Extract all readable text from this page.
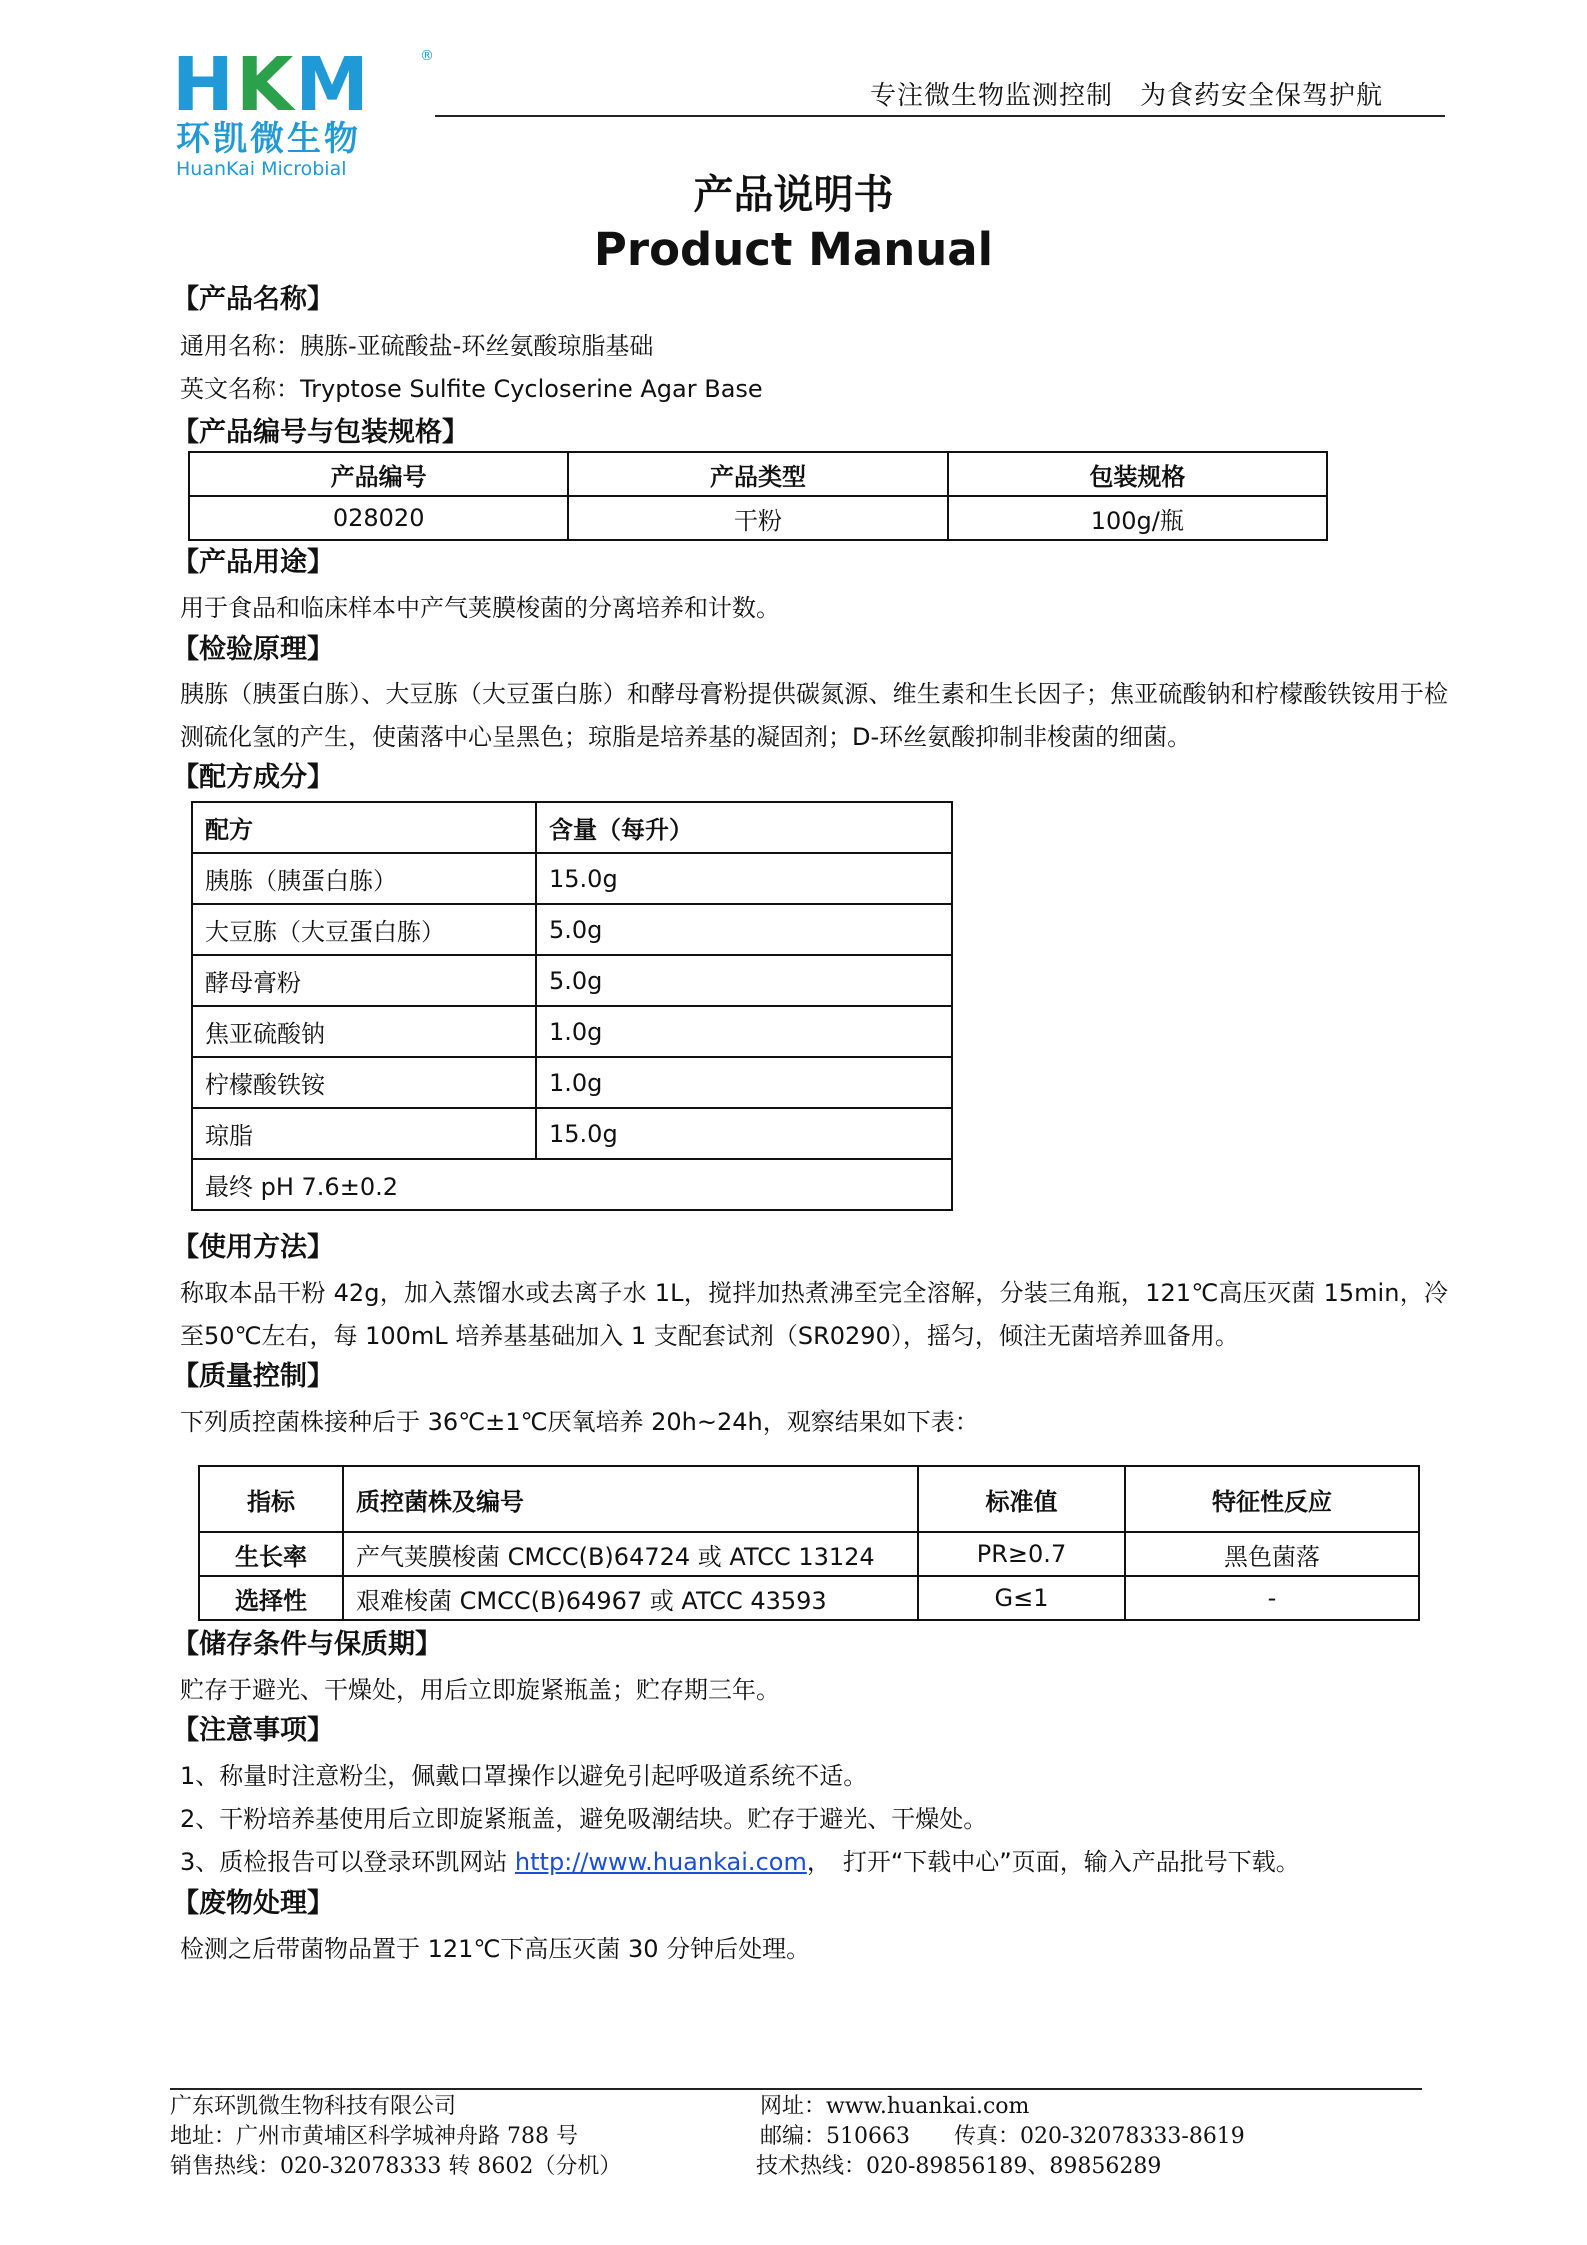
HKM	®
环凯微生物
HuanKai Microbial
专注微生物监测控制　为食药安全保驾护航
产品说明书
Product Manual
【产品名称】
通用名称：胰胨-亚硫酸盐-环丝氨酸琼脂基础
英文名称：Tryptose Sulfite Cycloserine Agar Base
【产品编号与包装规格】
产品编号	产品类型	包装规格
028020	干粉	100g/瓶
【产品用途】
用于食品和临床样本中产气荚膜梭菌的分离培养和计数。
【检验原理】
胰胨（胰蛋白胨）、大豆胨（大豆蛋白胨）和酵母膏粉提供碳氮源、维生素和生长因子；焦亚硫酸钠和柠檬酸铁铵用于检测硫化氢的产生，使菌落中心呈黑色；琼脂是培养基的凝固剂；D-环丝氨酸抑制非梭菌的细菌。
【配方成分】
配方	含量（每升）
胰胨（胰蛋白胨）	15.0g
大豆胨（大豆蛋白胨）	5.0g
酵母膏粉	5.0g
焦亚硫酸钠	1.0g
柠檬酸铁铵	1.0g
琼脂	15.0g
最终 pH 7.6±0.2	
【使用方法】
称取本品干粉 42g，加入蒸馏水或去离子水 1L，搅拌加热煮沸至完全溶解，分装三角瓶，121℃高压灭菌 15min，冷至50℃左右，每 100mL 培养基基础加入 1 支配套试剂（SR0290），摇匀，倾注无菌培养皿备用。
【质量控制】
下列质控菌株接种后于 36℃±1℃厌氧培养 20h~24h，观察结果如下表：
指标	质控菌株及编号	标准值	特征性反应
生长率	产气荚膜梭菌 CMCC(B)64724 或 ATCC 13124	PR≥0.7	黑色菌落
选择性	艰难梭菌 CMCC(B)64967 或 ATCC 43593	G≤1	-
【储存条件与保质期】
贮存于避光、干燥处，用后立即旋紧瓶盖；贮存期三年。
【注意事项】
1、称量时注意粉尘，佩戴口罩操作以避免引起呼吸道系统不适。
2、干粉培养基使用后立即旋紧瓶盖，避免吸潮结块。贮存于避光、干燥处。
3、质检报告可以登录环凯网站 http://www.huankai.com，　打开“下载中心”页面，输入产品批号下载。
【废物处理】
检测之后带菌物品置于 121℃下高压灭菌 30 分钟后处理。
广东环凯微生物科技有限公司
地址：广州市黄埔区科学城神舟路 788 号
销售热线：020-32078333 转 8602（分机）
网址：www.huankai.com
邮编：510663　　传真：020-32078333-8619
技术热线：020-89856189、89856289
